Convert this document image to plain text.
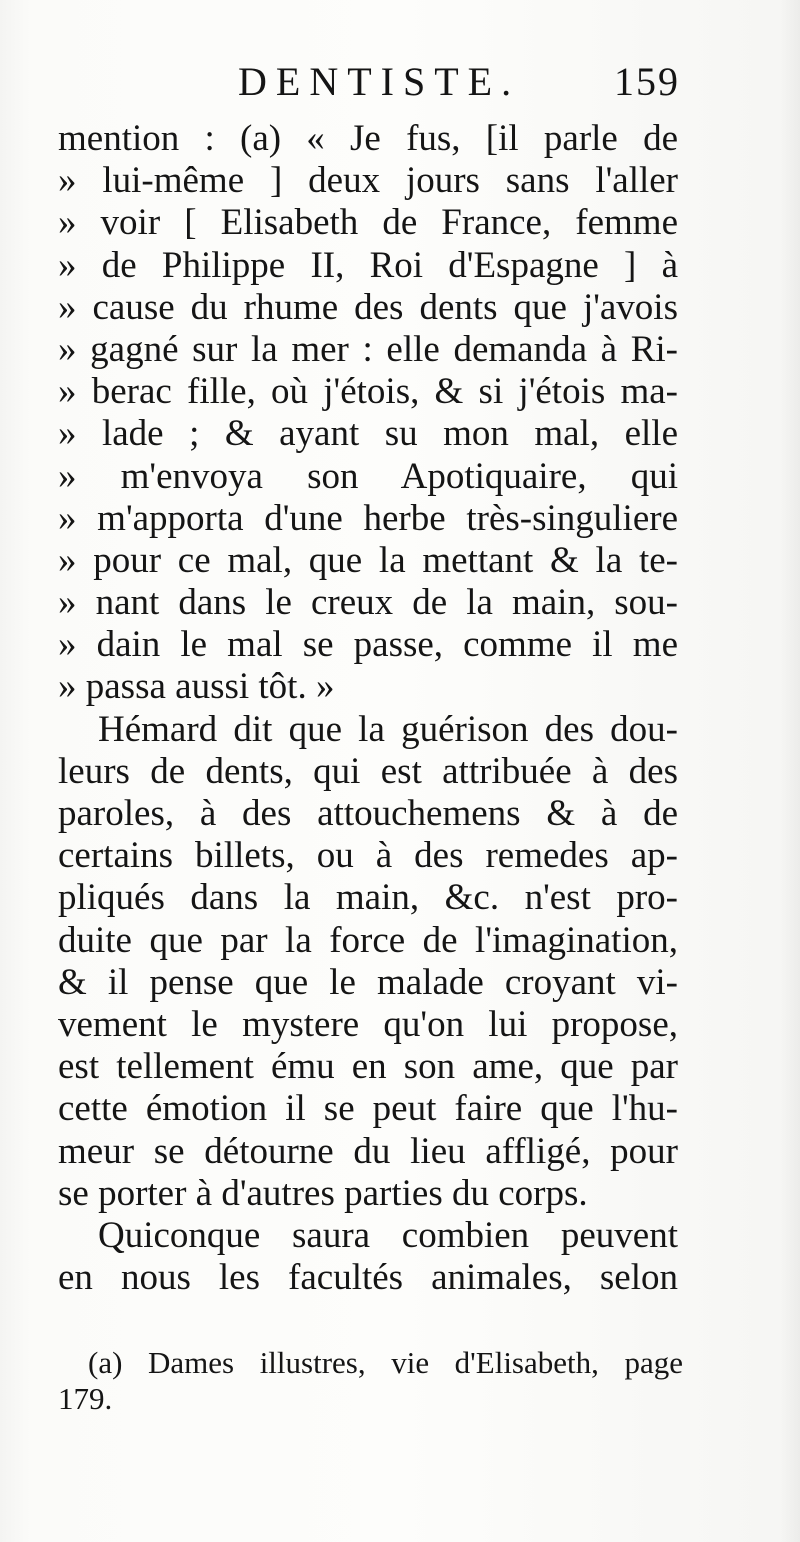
DENTISTE. 159
mention : (a) « Je fus, [il parle de
» lui-même ] deux jours sans l'aller
» voir [ Elisabeth de France, femme
» de Philippe II, Roi d'Espagne ] à
» cause du rhume des dents que j'avois
» gagné sur la mer : elle demanda à Ri-
» berac fille, où j'étois, & si j'étois ma-
» lade ; & ayant su mon mal, elle
» m'envoya son Apotiquaire, qui
» m'apporta d'une herbe très-singuliere
» pour ce mal, que la mettant & la te-
» nant dans le creux de la main, sou-
» dain le mal se passe, comme il me
» passa aussi tôt. »
Hémard dit que la guérison des dou-
leurs de dents, qui est attribuée à des
paroles, à des attouchemens & à de
certains billets, ou à des remedes ap-
pliqués dans la main, &c. n'est pro-
duite que par la force de l'imagination,
& il pense que le malade croyant vi-
vement le mystere qu'on lui propose,
est tellement ému en son ame, que par
cette émotion il se peut faire que l'hu-
meur se détourne du lieu affligé, pour
se porter à d'autres parties du corps.
Quiconque saura combien peuvent
en nous les facultés animales, selon
(a) Dames illustres, vie d'Elisabeth, page
179.
